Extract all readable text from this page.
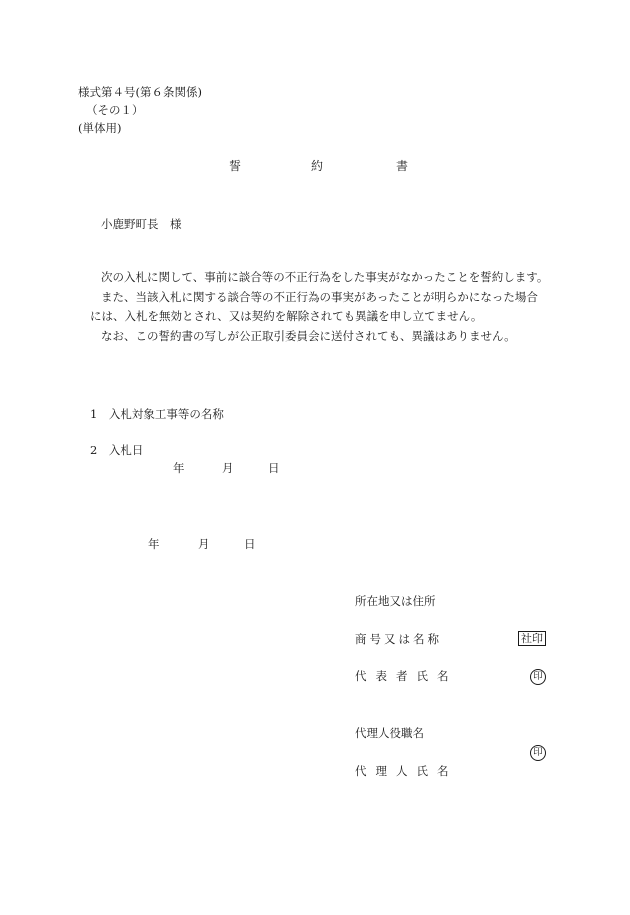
様式第４号(第６条関係)
（その１）
(単体用)
誓	約	書
小鹿野町長　様
次の入札に関して、事前に談合等の不正行為をした事実がなかったことを誓約します。
また、当該入札に関する談合等の不正行為の事実があったことが明らかになった場合
には、入札を無効とされ、又は契約を解除されても異議を申し立てません。
なお、この誓約書の写しが公正取引委員会に送付されても、異議はありません。
1　入札対象工事等の名称
2　入札日
年	月	日
年	月	日
所在地又は住所
商号又は名称	社印
代表者氏名	印
代理人役職名
印
代理人氏名
